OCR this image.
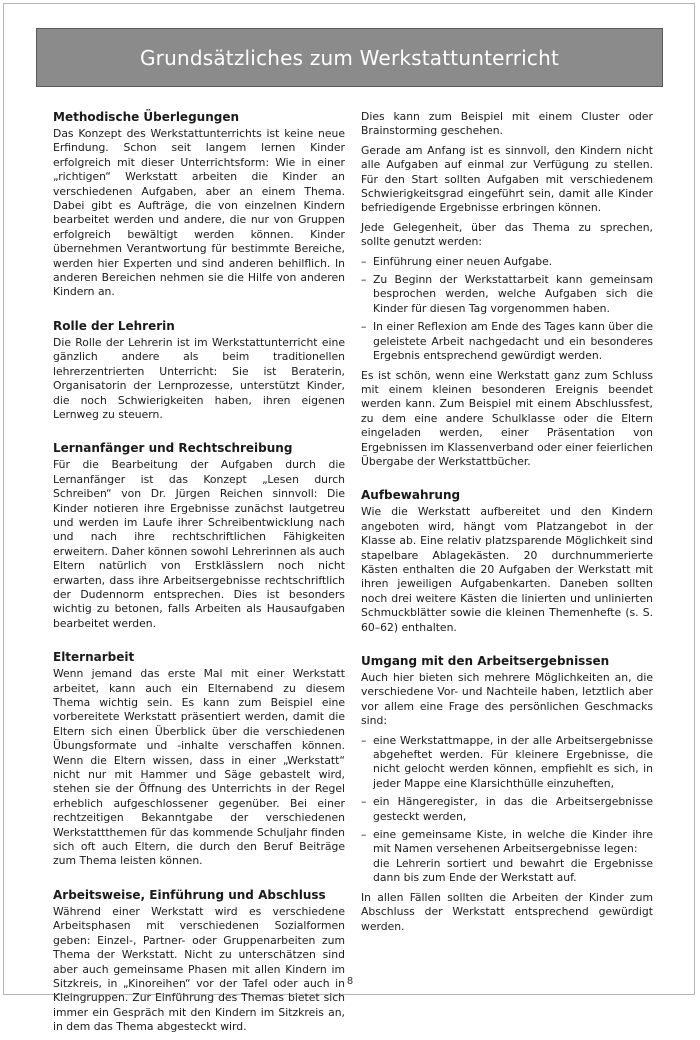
Grundsätzliches zum Werkstattunterricht
Methodische Überlegungen

Das Konzept des Werkstattunterrichts ist keine neue Erfindung. Schon seit langem lernen Kinder erfolgreich mit dieser Unterrichtsform: Wie in einer „richtigen“ Werkstatt arbeiten die Kinder an verschiedenen Aufgaben, aber an einem Thema. Dabei gibt es Aufträge, die von einzelnen Kindern bearbeitet werden und andere, die nur von Gruppen erfolgreich bewältigt werden können. Kinder übernehmen Verantwortung für bestimmte Bereiche, werden hier Experten und sind anderen behilflich. In anderen Bereichen nehmen sie die Hilfe von anderen Kindern an.

Rolle der Lehrerin

Die Rolle der Lehrerin ist im Werkstattunterricht eine gänzlich andere als beim traditionellen lehrerzentrierten Unterricht: Sie ist Beraterin, Organisatorin der Lernprozesse, unterstützt Kinder, die noch Schwierigkeiten haben, ihren eigenen Lernweg zu steuern.

Lernanfänger und Rechtschreibung

Für die Bearbeitung der Aufgaben durch die Lernanfänger ist das Konzept „Lesen durch Schreiben“ von Dr. Jürgen Reichen sinnvoll: Die Kinder notieren ihre Ergebnisse zunächst lautgetreu und werden im Laufe ihrer Schreibentwicklung nach und nach ihre rechtschriftlichen Fähigkeiten erweitern. Daher können sowohl Lehrerinnen als auch Eltern natürlich von Erstklässlern noch nicht erwarten, dass ihre Arbeitsergebnisse rechtschriftlich der Dudennorm entsprechen. Dies ist besonders wichtig zu betonen, falls Arbeiten als Hausaufgaben bearbeitet werden.

Elternarbeit

Wenn jemand das erste Mal mit einer Werkstatt arbeitet, kann auch ein Elternabend zu diesem Thema wichtig sein. Es kann zum Beispiel eine vorbereitete Werkstatt präsentiert werden, damit die Eltern sich einen Überblick über die verschiedenen Übungsformate und -inhalte verschaffen können. Wenn die Eltern wissen, dass in einer „Werkstatt“ nicht nur mit Hammer und Säge gebastelt wird, stehen sie der Öffnung des Unterrichts in der Regel erheblich aufgeschlossener gegenüber. Bei einer rechtzeitigen Bekanntgabe der verschiedenen Werkstattthemen für das kommende Schuljahr finden sich oft auch Eltern, die durch den Beruf Beiträge zum Thema leisten können.

Arbeitsweise, Einführung und Abschluss

Während einer Werkstatt wird es verschiedene Arbeitsphasen mit verschiedenen Sozialformen geben: Einzel-, Partner- oder Gruppenarbeiten zum Thema der Werkstatt. Nicht zu unterschätzen sind aber auch gemeinsame Phasen mit allen Kindern im Sitzkreis, in „Kinoreihen“ vor der Tafel oder auch in Kleingruppen. Zur Einführung des Themas bietet sich immer ein Gespräch mit den Kindern im Sitzkreis an, in dem das Thema abgesteckt wird.

Dies kann zum Beispiel mit einem Cluster oder Brainstorming geschehen.

Gerade am Anfang ist es sinnvoll, den Kindern nicht alle Aufgaben auf einmal zur Verfügung zu stellen. Für den Start sollten Aufgaben mit verschiedenem Schwierigkeitsgrad eingeführt sein, damit alle Kinder befriedigende Ergebnisse erbringen können.

Jede Gelegenheit, über das Thema zu sprechen, sollte genutzt werden:

– Einführung einer neuen Aufgabe.
– Zu Beginn der Werkstattarbeit kann gemeinsam besprochen werden, welche Aufgaben sich die Kinder für diesen Tag vorgenommen haben.
– In einer Reflexion am Ende des Tages kann über die geleistete Arbeit nachgedacht und ein besonderes Ergebnis entsprechend gewürdigt werden.

Es ist schön, wenn eine Werkstatt ganz zum Schluss mit einem kleinen besonderen Ereignis beendet werden kann. Zum Beispiel mit einem Abschlussfest, zu dem eine andere Schulklasse oder die Eltern eingeladen werden, einer Präsentation von Ergebnissen im Klassenverband oder einer feierlichen Übergabe der Werkstattbücher.

Aufbewahrung

Wie die Werkstatt aufbereitet und den Kindern angeboten wird, hängt vom Platzangebot in der Klasse ab. Eine relativ platzsparende Möglichkeit sind stapelbare Ablagekästen. 20 durchnummerierte Kästen enthalten die 20 Aufgaben der Werkstatt mit ihren jeweiligen Aufgabenkarten. Daneben sollten noch drei weitere Kästen die linierten und unlinierten Schmuckblätter sowie die kleinen Themenhefte (s. S. 60–62) enthalten.

Umgang mit den Arbeitsergebnissen

Auch hier bieten sich mehrere Möglichkeiten an, die verschiedene Vor- und Nachteile haben, letztlich aber vor allem eine Frage des persönlichen Geschmacks sind:

– eine Werkstattmappe, in der alle Arbeitsergebnisse abgeheftet werden. Für kleinere Ergebnisse, die nicht gelocht werden können, empfiehlt es sich, in jeder Mappe eine Klarsichthülle einzuheften,
– ein Hängeregister, in das die Arbeitsergebnisse gesteckt werden,
– eine gemeinsame Kiste, in welche die Kinder ihre mit Namen versehenen Arbeitsergebnisse legen:
die Lehrerin sortiert und bewahrt die Ergebnisse dann bis zum Ende der Werkstatt auf.

In allen Fällen sollten die Arbeiten der Kinder zum Abschluss der Werkstatt entsprechend gewürdigt werden.

8
